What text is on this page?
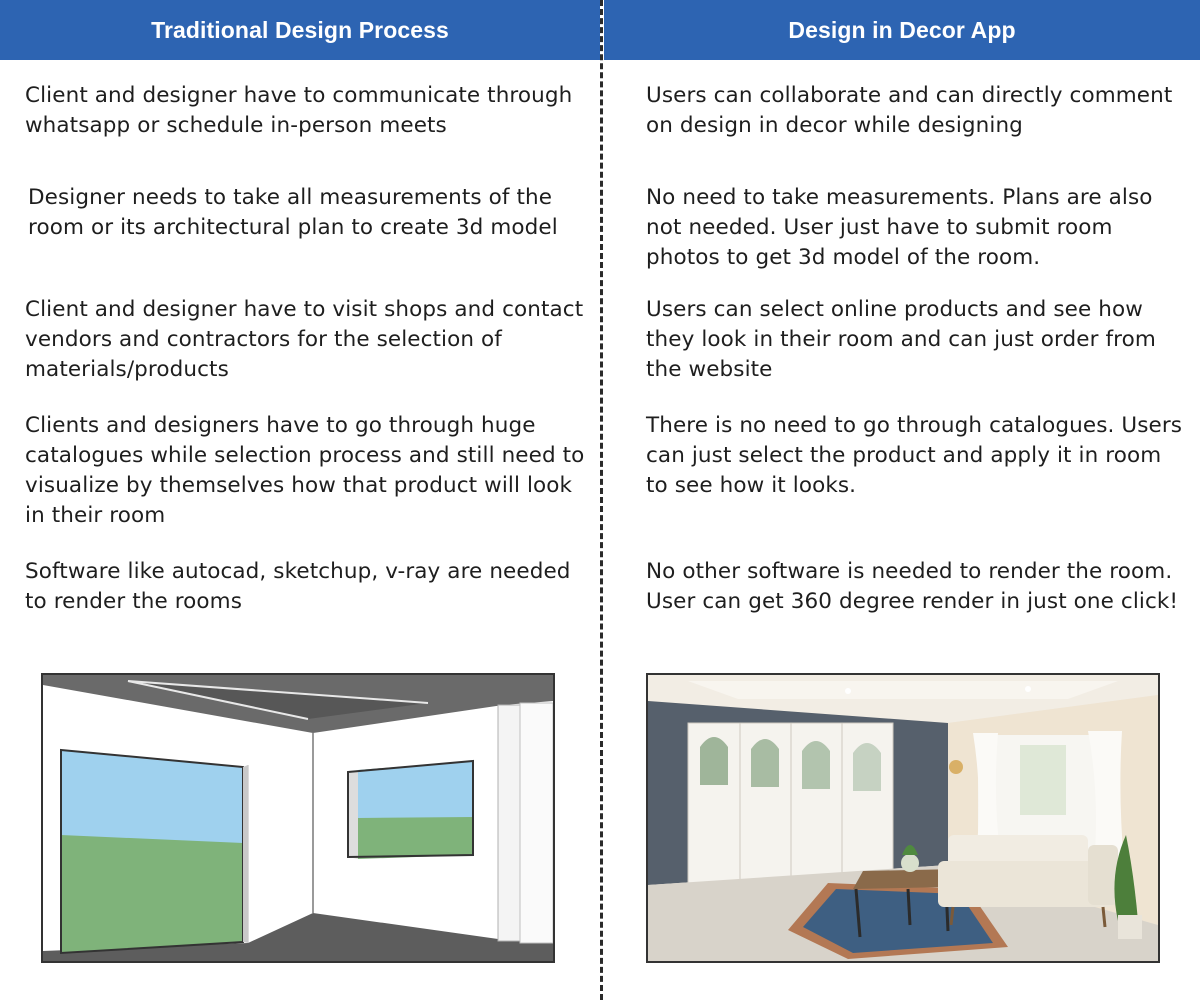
Traditional Design Process	Design in Decor App

Client and designer have to communicate through whatsapp or schedule in-person meets

Designer needs to take all measurements of the room or its architectural plan to create 3d model

Client and designer have to visit shops and contact vendors and contractors for the selection of materials/products

Clients and designers have to go through huge catalogues while selection process and still need to visualize by themselves how that product will look in their room

Software like autocad, sketchup, v-ray are needed to render the rooms

Users can collaborate and can directly comment on design in decor while designing

No need to take measurements. Plans are also not needed. User just have to submit room photos to get 3d model of the room.

Users can select online products and see how they look in their room and can just order from the website

There is no need to go through catalogues. Users can just select the product and apply it in room to see how it looks.

No other software is needed to render the room. User can get 360 degree render in just one click!
